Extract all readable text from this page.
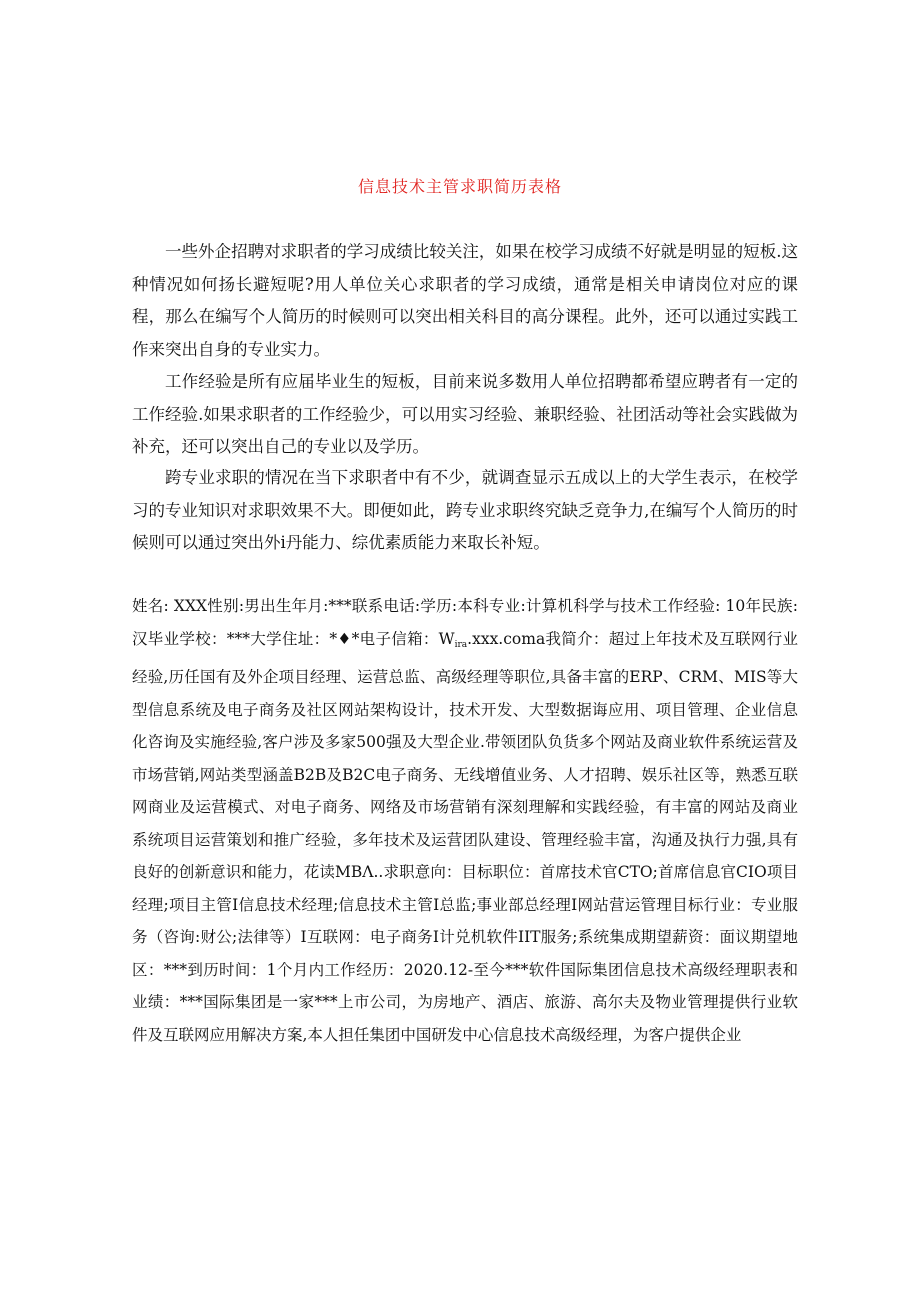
信息技术主管求职简历表格

一些外企招聘对求职者的学习成绩比较关注，如果在校学习成绩不好就是明显的短板.这种情况如何扬长避短呢?用人单位关心求职者的学习成绩，通常是相关申请岗位对应的课程，那么在编写个人简历的时候则可以突出相关科目的高分课程。此外，还可以通过实践工作来突出自身的专业实力。

工作经验是所有应届毕业生的短板，目前来说多数用人单位招聘都希望应聘者有一定的工作经验.如果求职者的工作经验少，可以用实习经验、兼职经验、社团活动等社会实践做为补充，还可以突出自己的专业以及学历。

跨专业求职的情况在当下求职者中有不少，就调查显示五成以上的大学生表示，在校学习的专业知识对求职效果不大。即便如此，跨专业求职终究缺乏竞争力,在编写个人简历的时候则可以通过突出外i丹能力、综优素质能力来取长补短。

姓名: XXX性别:男出生年月:***联系电话:学历:本科专业:计算机科学与技术工作经验: 10年民族:汉毕业学校：***大学住址：*♦*电子信箱：$W_{ira}.xxx.coma$我简介：超过上年技术及互联网行业经验,历任国有及外企项目经理、运营总监、高级经理等职位,具备丰富的ERP、CRM、MIS等大型信息系统及电子商务及社区网站架构设计，技术开发、大型数据诲应用、项目管理、企业信息化咨询及实施经验,客户涉及多家500强及大型企业.带领团队负货多个网站及商业软件系统运营及市场营销,网站类型涵盖B2B及B2C电子商务、无线增值业务、人才招聘、娱乐社区等，熟悉互联网商业及运营模式、对电子商务、网络及市场营销有深刻理解和实践经验，有丰富的网站及商业系统项目运营策划和推广经验，多年技术及运营团队建设、管理经验丰富，沟通及执行力强,具有良好的创新意识和能力，花读MBΛ..求职意向：目标职位：首席技术官CTO;首席信息官CIO项目经理;项目主管I信息技术经理;信息技术主管I总监;事业部总经理I网站营运管理目标行业：专业服务（咨询:财公;法律等）I互联网：电子商务I计兑机软件IIT服务;系统集成期望薪资：面议期望地区：***到历时间：1个月内工作经历：2020.12-至今***软件国际集团信息技术高级经理职表和业绩：***国际集团是一家***上市公司，为房地产、酒店、旅游、高尔夫及物业管理提供行业软件及互联网应用解决方案,本人担任集团中国研发中心信息技术高级经理，为客户提供企业
